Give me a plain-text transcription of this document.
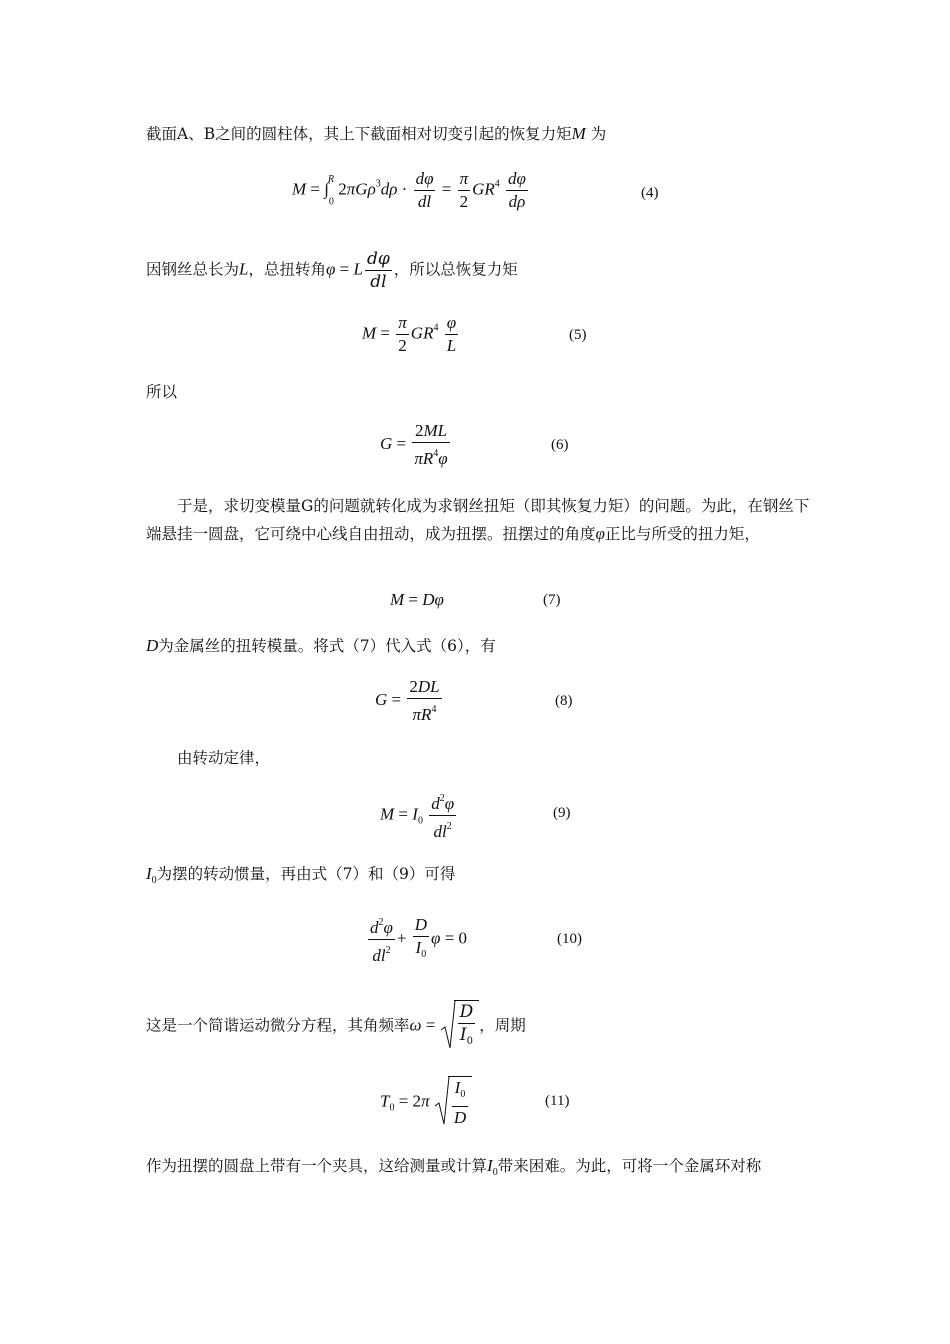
截面A、B之间的圆柱体，其上下截面相对切变引起的恢复力矩M 为
$M = \int_0^R$ $2\pi G\rho^3d\rho \cdot \frac{d\varphi}{dl} = \frac{\pi}{2} GR^4 \frac{d\varphi}{d\rho}$	(4)
因钢丝总长为L，总扭转角φ = L $\frac{d\varphi}{dl}$ ，所以总恢复力矩
$M = \frac{\pi}{2} GR^4 \frac{\varphi}{L}$	(5)
所以
$G = \frac{2ML}{\pi R^4\varphi}$	(6)
于是，求切变模量G的问题就转化成为求钢丝扭矩（即其恢复力矩）的问题。为此，在钢丝下端悬挂一圆盘，它可绕中心线自由扭动，成为扭摆。扭摆过的角度φ正比与所受的扭力矩，
M = Dφ	(7)
D为金属丝的扭转模量。将式（7）代入式（6），有
$G = \frac{2DL}{\pi R^4}$	(8)
由转动定律，
$M = I_0 \frac{d^2\varphi}{dl^2}$	(9)
$I_0$为摆的转动惯量，再由式（7）和（9）可得
$\frac{d^2\varphi}{dl^2} + \frac{D}{I_0}$ φ = 0	(10)
这是一个简谐运动微分方程，其角频率$\omega = \frac{D}{I_0}$ ，周期
$T_0 = 2\pi \frac{I_0}{D}$	(11)
作为扭摆的圆盘上带有一个夹具，这给测量或计算$I_0$带来困难。为此，可将一个金属环对称
